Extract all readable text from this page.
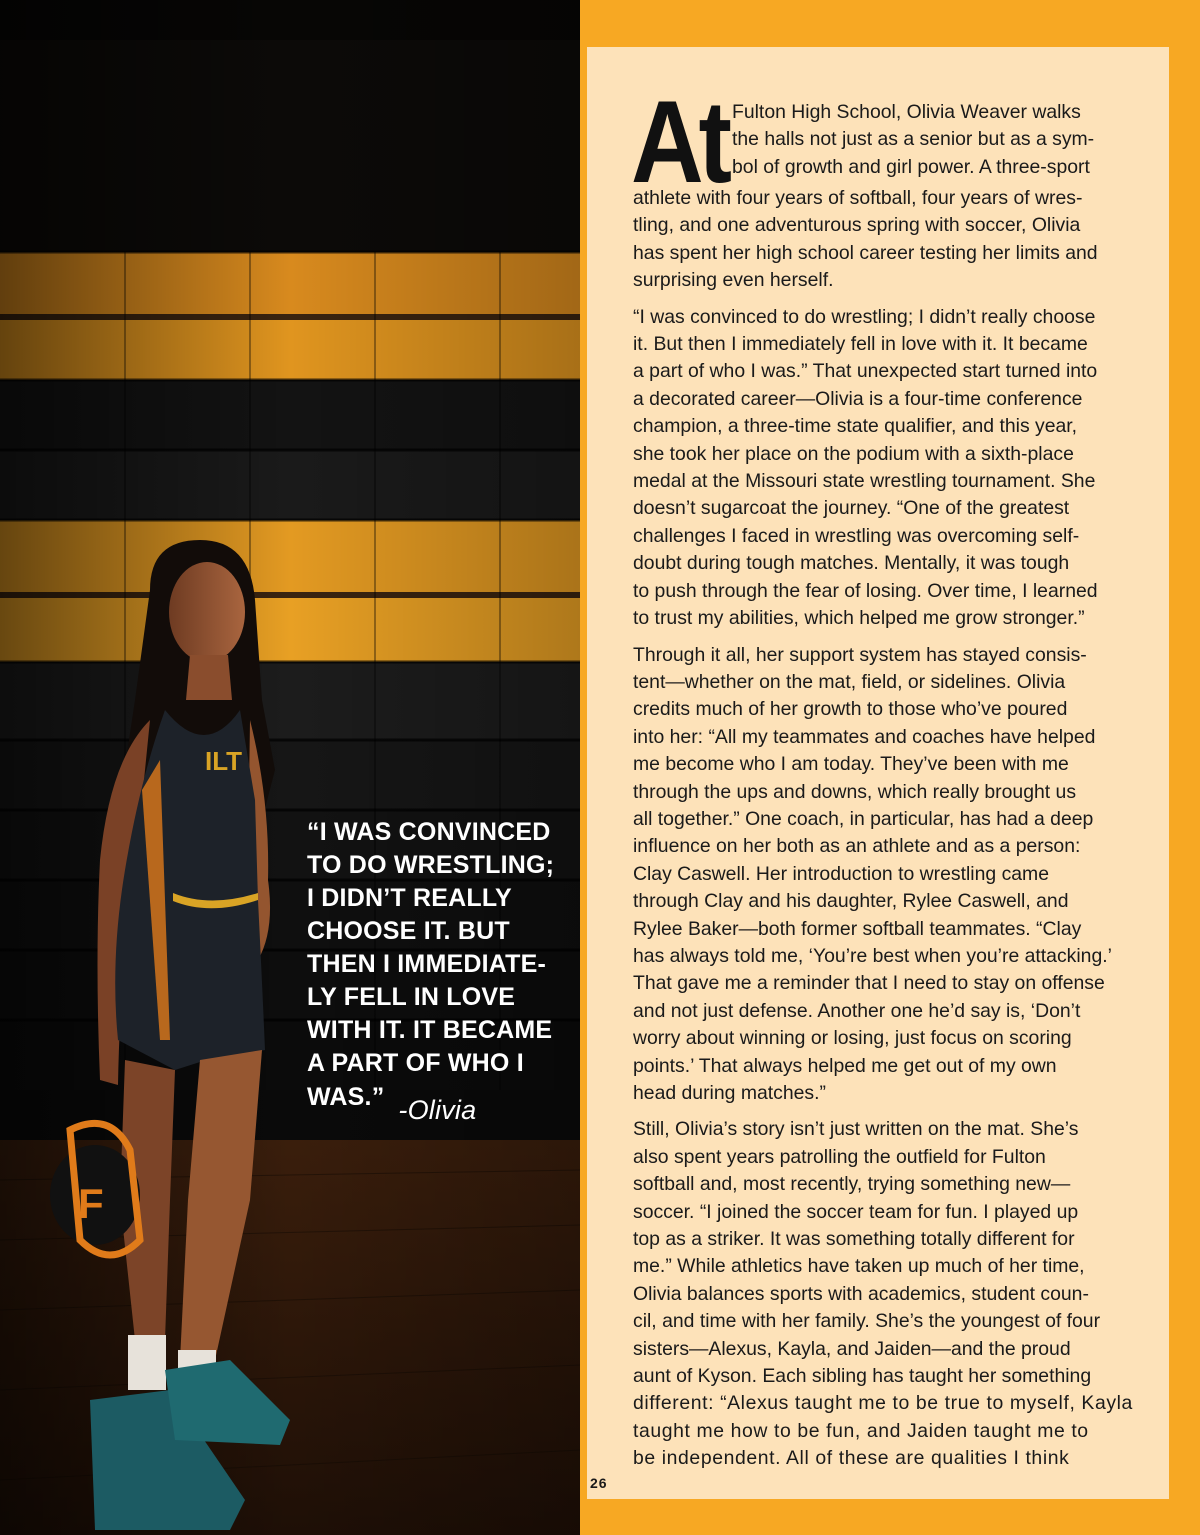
ILT
F
“I WAS CONVINCED
TO DO WRESTLING;
I DIDN’T REALLY
CHOOSE IT. BUT
THEN I IMMEDIATE-
LY FELL IN LOVE
WITH IT. IT BECAME
A PART OF WHO I
WAS.” -Olivia
At Fulton High School, Olivia Weaver walks
the halls not just as a senior but as a sym-
bol of growth and girl power. A three-sport
athlete with four years of softball, four years of wres-
tling, and one adventurous spring with soccer, Olivia
has spent her high school career testing her limits and
surprising even herself.
“I was convinced to do wrestling; I didn’t really choose
it. But then I immediately fell in love with it. It became
a part of who I was.” That unexpected start turned into
a decorated career—Olivia is a four-time conference
champion, a three-time state qualifier, and this year,
she took her place on the podium with a sixth-place
medal at the Missouri state wrestling tournament. She
doesn’t sugarcoat the journey. “One of the greatest
challenges I faced in wrestling was overcoming self-
doubt during tough matches. Mentally, it was tough
to push through the fear of losing. Over time, I learned
to trust my abilities, which helped me grow stronger.”
Through it all, her support system has stayed consis-
tent—whether on the mat, field, or sidelines. Olivia
credits much of her growth to those who’ve poured
into her: “All my teammates and coaches have helped
me become who I am today. They’ve been with me
through the ups and downs, which really brought us
all together.” One coach, in particular, has had a deep
influence on her both as an athlete and as a person:
Clay Caswell. Her introduction to wrestling came
through Clay and his daughter, Rylee Caswell, and
Rylee Baker—both former softball teammates. “Clay
has always told me, ‘You’re best when you’re attacking.’
That gave me a reminder that I need to stay on offense
and not just defense. Another one he’d say is, ‘Don’t
worry about winning or losing, just focus on scoring
points.’ That always helped me get out of my own
head during matches.”
Still, Olivia’s story isn’t just written on the mat. She’s
also spent years patrolling the outfield for Fulton
softball and, most recently, trying something new—
soccer. “I joined the soccer team for fun. I played up
top as a striker. It was something totally different for
me.” While athletics have taken up much of her time,
Olivia balances sports with academics, student coun-
cil, and time with her family. She’s the youngest of four
sisters—Alexus, Kayla, and Jaiden—and the proud
aunt of Kyson. Each sibling has taught her something
different: “Alexus taught me to be true to myself, Kayla
taught me how to be fun, and Jaiden taught me to
be independent. All of these are qualities I think
26
